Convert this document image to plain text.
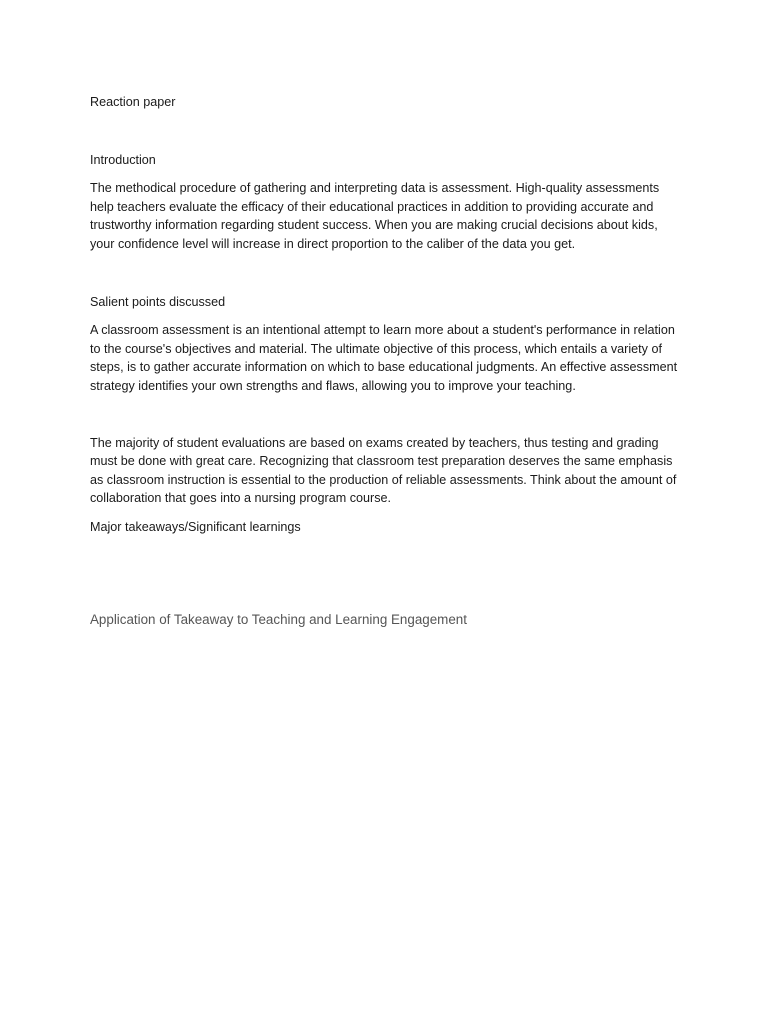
Reaction paper

Introduction

The methodical procedure of gathering and interpreting data is assessment. High-quality assessments help teachers evaluate the efficacy of their educational practices in addition to providing accurate and trustworthy information regarding student success. When you are making crucial decisions about kids, your confidence level will increase in direct proportion to the caliber of the data you get.

Salient points discussed

A classroom assessment is an intentional attempt to learn more about a student's performance in relation to the course's objectives and material. The ultimate objective of this process, which entails a variety of steps, is to gather accurate information on which to base educational judgments. An effective assessment strategy identifies your own strengths and flaws, allowing you to improve your teaching.

The majority of student evaluations are based on exams created by teachers, thus testing and grading must be done with great care. Recognizing that classroom test preparation deserves the same emphasis as classroom instruction is essential to the production of reliable assessments. Think about the amount of collaboration that goes into a nursing program course.

Major takeaways/Significant learnings

Application of Takeaway to Teaching and Learning Engagement
